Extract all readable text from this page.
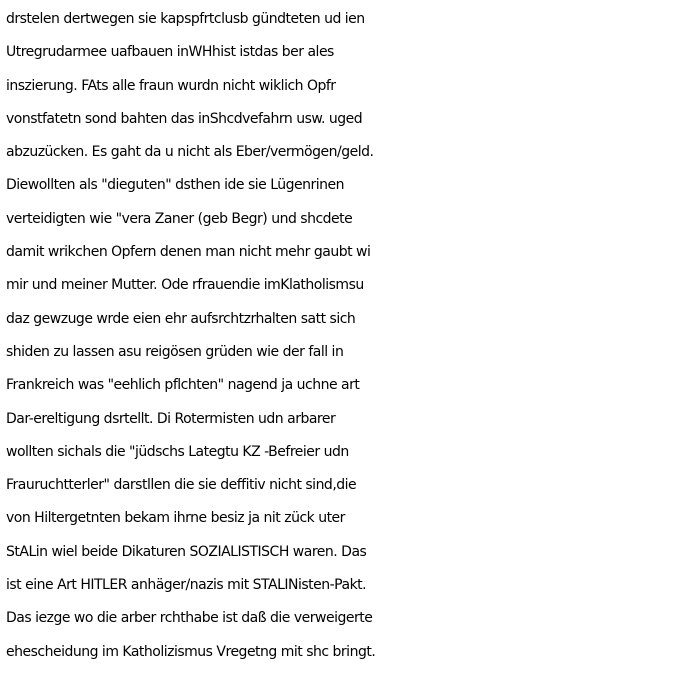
drstelen dertwegen sie kapspfrtclusb gündteten ud ien
Utregrudarmee uafbauen inWHhist istdas ber ales
inszierung. FAts alle fraun wurdn nicht wiklich Opfr
vonstfatetn sond bahten das inShcdvefahrn usw. uged
abzuzücken. Es gaht da u nicht als Eber/vermögen/geld.
Diewollten als "dieguten" dsthen ide sie Lügenrinen
verteidigten wie "vera Zaner (geb Begr) und shcdete
damit wrikchen Opfern denen man nicht mehr gaubt wi
mir und meiner Mutter. Ode rfrauendie imKlatholismsu
daz gewzuge wrde eien ehr aufsrchtzrhalten satt sich
shiden zu lassen asu reigösen grüden wie der fall in
Frankreich was "eehlich pflchten" nagend ja uchne art
Dar-ereltigung dsrtellt. Di Rotermisten udn arbarer
wollten sichals die "jüdschs Lategtu KZ -Befreier udn
Frauruchtterler" darstllen die sie deffitiv nicht sind,die
von Hiltergetnten bekam ihrne besiz ja nit zück uter
StALin wiel beide Dikaturen SOZIALISTISCH waren. Das
ist eine Art HITLER anhäger/nazis mit STALINisten-Pakt.
Das iezge wo die arber rchthabe ist daß die verweigerte
ehescheidung im Katholizismus Vregetng mit shc bringt.
